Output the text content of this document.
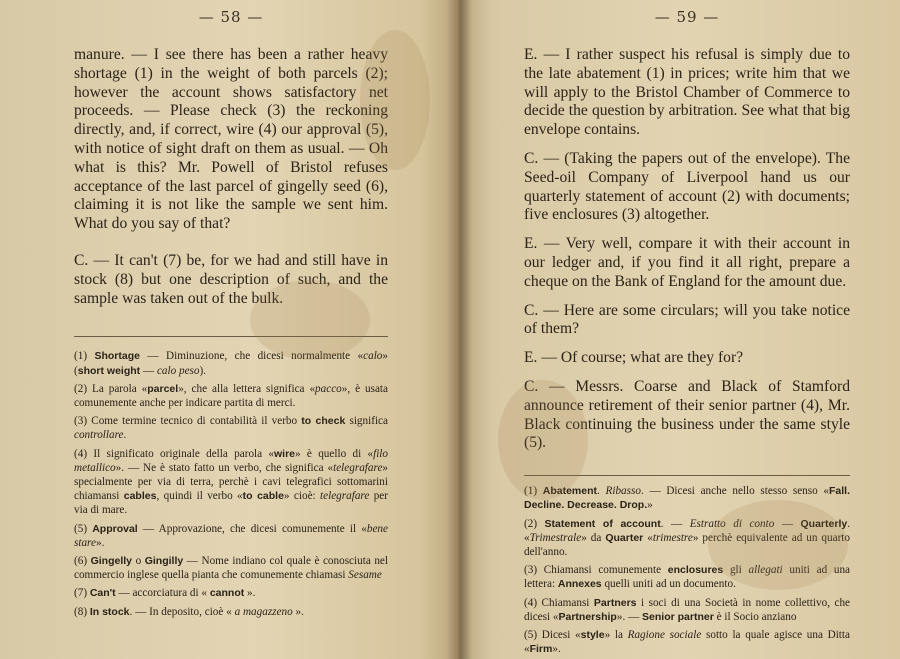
— 58 —

manure. — I see there has been a rather heavy shortage (1) in the weight of both parcels (2); however the account shows satisfactory net proceeds. — Please check (3) the reckoning directly, and, if correct, wire (4) our approval (5), with notice of sight draft on them as usual. — Oh what is this? Mr. Powell of Bristol refuses acceptance of the last parcel of gingelly seed (6), claiming it is not like the sample we sent him. What do you say of that?

C. — It can't (7) be, for we had and still have in stock (8) but one description of such, and the sample was taken out of the bulk.

(1) Shortage — Diminuzione, che dicesi normalmente «calo» (short weight — calo peso).

(2) La parola «parcel», che alla lettera significa «pacco», è usata comunemente anche per indicare partita di merci.

(3) Come termine tecnico di contabilità il verbo to check significa controllare.

(4) Il significato originale della parola «wire» è quello di «filo metallico». — Ne è stato fatto un verbo, che significa «telegrafare» specialmente per via di terra, perchè i cavi telegrafici sottomarini chiamansi cables, quindi il verbo «to cable» cioè: telegrafare per via di mare.

(5) Approval — Approvazione, che dicesi comunemente il «bene stare».

(6) Gingelly o Gingilly — Nome indiano col quale è conosciuta nel commercio inglese quella pianta che comunemente chiamasi Sesame

(7) Can't — accorciatura di « cannot ».

(8) In stock. — In deposito, cioè « a magazzeno ».

— 59 —

E. — I rather suspect his refusal is simply due to the late abatement (1) in prices; write him that we will apply to the Bristol Chamber of Commerce to decide the question by arbitration. See what that big envelope contains.

C. — (Taking the papers out of the envelope). The Seed-oil Company of Liverpool hand us our quarterly statement of account (2) with documents; five enclosures (3) altogether.

E. — Very well, compare it with their account in our ledger and, if you find it all right, prepare a cheque on the Bank of England for the amount due.

C. — Here are some circulars; will you take notice of them?

E. — Of course; what are they for?

C. — Messrs. Coarse and Black of Stamford announce retirement of their senior partner (4), Mr. Black continuing the business under the same style (5).

(1) Abatement. Ribasso. — Dicesi anche nello stesso senso «Fall. Decline. Decrease. Drop.»

(2) Statement of account. — Estratto di conto — Quarterly. «Trimestrale» da Quarter «trimestre» perchè equivalente ad un quarto dell'anno.

(3) Chiamansi comunemente enclosures gli allegati uniti ad una lettera: Annexes quelli uniti ad un documento.

(4) Chiamansi Partners i soci di una Società in nome collettivo, che dicesi «Partnership». — Senior partner è il Socio anziano

(5) Dicesi «style» la Ragione sociale sotto la quale agisce una Ditta «Firm».
